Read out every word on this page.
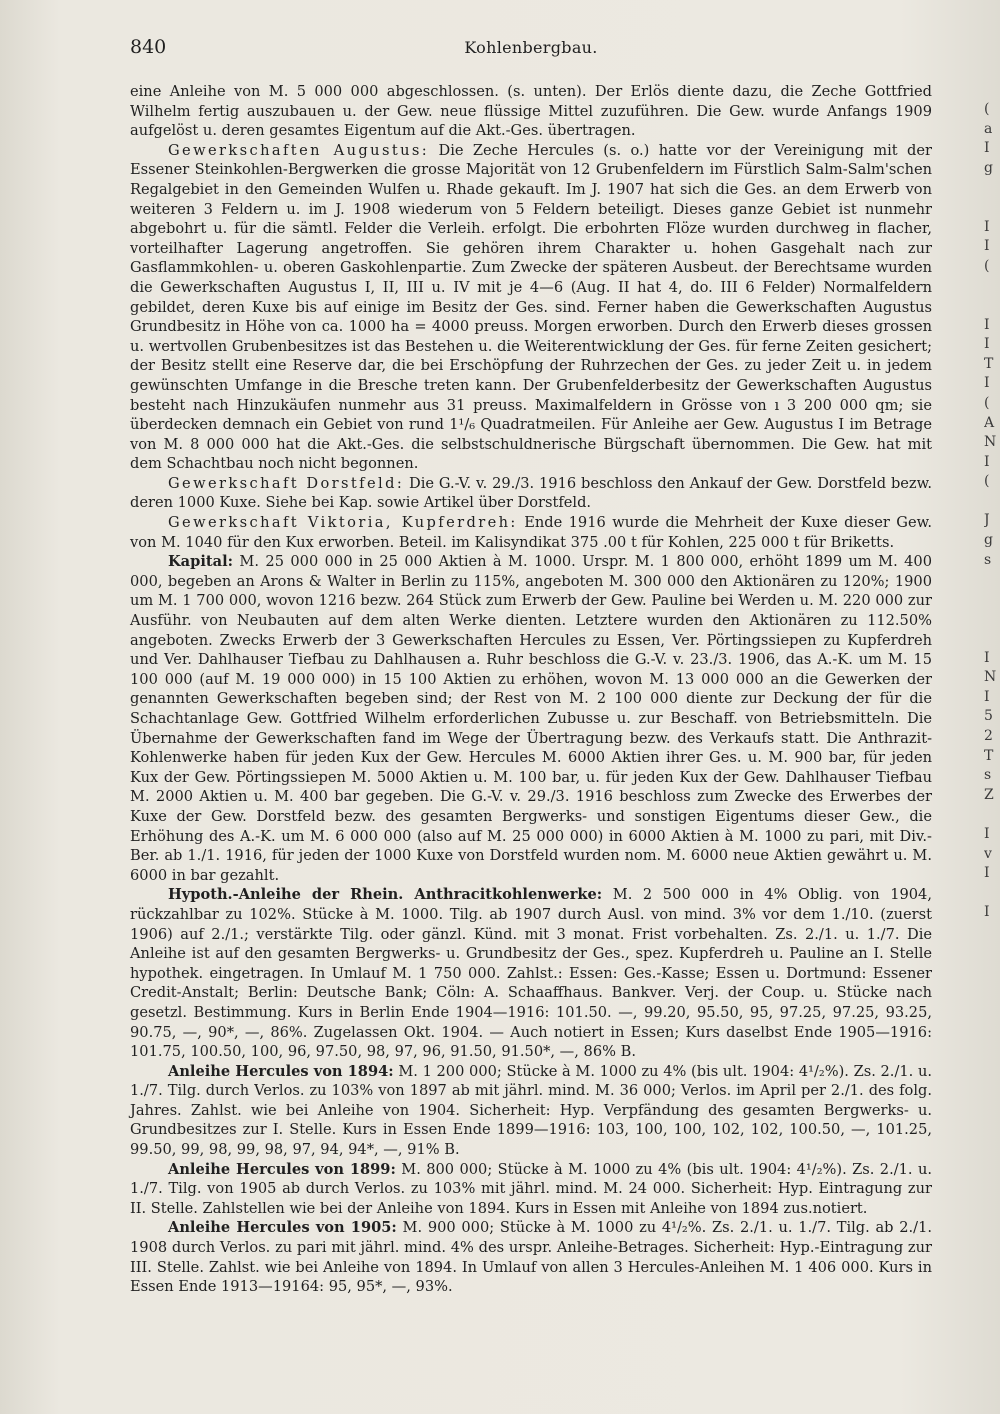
840	Kohlenbergbau.

eine Anleihe von M. 5 000 000 abgeschlossen. (s. unten). Der Erlös diente dazu, die Zeche Gottfried Wilhelm fertig auszubauen u. der Gew. neue flüssige Mittel zuzuführen. Die Gew. wurde Anfangs 1909 aufgelöst u. deren gesamtes Eigentum auf die Akt.-Ges. übertragen.

Gewerkschaften Augustus: Die Zeche Hercules (s. o.) hatte vor der Vereinigung mit der Essener Steinkohlen-Bergwerken die grosse Majorität von 12 Grubenfeldern im Fürstlich Salm-Salm'schen Regalgebiet in den Gemeinden Wulfen u. Rhade gekauft. Im J. 1907 hat sich die Ges. an dem Erwerb von weiteren 3 Feldern u. im J. 1908 wiederum von 5 Feldern beteiligt. Dieses ganze Gebiet ist nunmehr abgebohrt u. für die sämtl. Felder die Verleih. erfolgt. Die erbohrten Flöze wurden durchweg in flacher, vorteilhafter Lagerung angetroffen. Sie gehören ihrem Charakter u. hohen Gasgehalt nach zur Gasflammkohlen- u. oberen Gaskohlenpartie. Zum Zwecke der späteren Ausbeut. der Berechtsame wurden die Gewerkschaften Augustus I, II, III u. IV mit je 4—6 (Aug. II hat 4, do. III 6 Felder) Normalfeldern gebildet, deren Kuxe bis auf einige im Besitz der Ges. sind. Ferner haben die Gewerkschaften Augustus Grundbesitz in Höhe von ca. 1000 ha = 4000 preuss. Morgen erworben. Durch den Erwerb dieses grossen u. wertvollen Grubenbesitzes ist das Bestehen u. die Weiterentwicklung der Ges. für ferne Zeiten gesichert; der Besitz stellt eine Reserve dar, die bei Erschöpfung der Ruhrzechen der Ges. zu jeder Zeit u. in jedem gewünschten Umfange in die Bresche treten kann. Der Grubenfelderbesitz der Gewerkschaften Augustus besteht nach Hinzukäufen nunmehr aus 31 preuss. Maximalfeldern in Grösse von ı 3 200 000 qm; sie überdecken demnach ein Gebiet von rund 1¹/₆ Quadratmeilen. Für Anleihe aer Gew. Augustus I im Betrage von M. 8 000 000 hat die Akt.-Ges. die selbstschuldnerische Bürgschaft übernommen. Die Gew. hat mit dem Schachtbau noch nicht begonnen.

Gewerkschaft Dorstfeld: Die G.-V. v. 29./3. 1916 beschloss den Ankauf der Gew. Dorstfeld bezw. deren 1000 Kuxe. Siehe bei Kap. sowie Artikel über Dorstfeld.

Gewerkschaft Viktoria, Kupferdreh: Ende 1916 wurde die Mehrheit der Kuxe dieser Gew. von M. 1040 für den Kux erworben. Beteil. im Kalisyndikat 375 .00 t für Kohlen, 225 000 t für Briketts.

Kapital: M. 25 000 000 in 25 000 Aktien à M. 1000. Urspr. M. 1 800 000, erhöht 1899 um M. 400 000, begeben an Arons & Walter in Berlin zu 115%, angeboten M. 300 000 den Aktionären zu 120%; 1900 um M. 1 700 000, wovon 1216 bezw. 264 Stück zum Erwerb der Gew. Pauline bei Werden u. M. 220 000 zur Ausführ. von Neubauten auf dem alten Werke dienten. Letztere wurden den Aktionären zu 112.50% angeboten. Zwecks Erwerb der 3 Gewerkschaften Hercules zu Essen, Ver. Pörtingssiepen zu Kupferdreh und Ver. Dahlhauser Tiefbau zu Dahlhausen a. Ruhr beschloss die G.-V. v. 23./3. 1906, das A.-K. um M. 15 100 000 (auf M. 19 000 000) in 15 100 Aktien zu erhöhen, wovon M. 13 000 000 an die Gewerken der genannten Gewerkschaften begeben sind; der Rest von M. 2 100 000 diente zur Deckung der für die Schachtanlage Gew. Gottfried Wilhelm erforderlichen Zubusse u. zur Beschaff. von Betriebsmitteln. Die Übernahme der Gewerkschaften fand im Wege der Übertragung bezw. des Verkaufs statt. Die Anthrazit-Kohlenwerke haben für jeden Kux der Gew. Hercules M. 6000 Aktien ihrer Ges. u. M. 900 bar, für jeden Kux der Gew. Pörtingssiepen M. 5000 Aktien u. M. 100 bar, u. für jeden Kux der Gew. Dahlhauser Tiefbau M. 2000 Aktien u. M. 400 bar gegeben. Die G.-V. v. 29./3. 1916 beschloss zum Zwecke des Erwerbes der Kuxe der Gew. Dorstfeld bezw. des gesamten Bergwerks- und sonstigen Eigentums dieser Gew., die Erhöhung des A.-K. um M. 6 000 000 (also auf M. 25 000 000) in 6000 Aktien à M. 1000 zu pari, mit Div.-Ber. ab 1./1. 1916, für jeden der 1000 Kuxe von Dorstfeld wurden nom. M. 6000 neue Aktien gewährt u. M. 6000 in bar gezahlt.

Hypoth.-Anleihe der Rhein. Anthracitkohlenwerke: M. 2 500 000 in 4% Oblig. von 1904, rückzahlbar zu 102%. Stücke à M. 1000. Tilg. ab 1907 durch Ausl. von mind. 3% vor dem 1./10. (zuerst 1906) auf 2./1.; verstärkte Tilg. oder gänzl. Künd. mit 3 monat. Frist vorbehalten. Zs. 2./1. u. 1./7. Die Anleihe ist auf den gesamten Bergwerks- u. Grundbesitz der Ges., spez. Kupferdreh u. Pauline an I. Stelle hypothek. eingetragen. In Umlauf M. 1 750 000. Zahlst.: Essen: Ges.-Kasse; Essen u. Dortmund: Essener Credit-Anstalt; Berlin: Deutsche Bank; Cöln: A. Schaaffhaus. Bankver. Verj. der Coup. u. Stücke nach gesetzl. Bestimmung. Kurs in Berlin Ende 1904—1916: 101.50. —, 99.20, 95.50, 95, 97.25, 97.25, 93.25, 90.75, —, 90*, —, 86%. Zugelassen Okt. 1904. — Auch notiert in Essen; Kurs daselbst Ende 1905—1916: 101.75, 100.50, 100, 96, 97.50, 98, 97, 96, 91.50, 91.50*, —, 86% B.

Anleihe Hercules von 1894: M. 1 200 000; Stücke à M. 1000 zu 4% (bis ult. 1904: 4¹/₂%). Zs. 2./1. u. 1./7. Tilg. durch Verlos. zu 103% von 1897 ab mit jährl. mind. M. 36 000; Verlos. im April per 2./1. des folg. Jahres. Zahlst. wie bei Anleihe von 1904. Sicherheit: Hyp. Verpfändung des gesamten Bergwerks- u. Grundbesitzes zur I. Stelle. Kurs in Essen Ende 1899—1916: 103, 100, 100, 102, 102, 100.50, —, 101.25, 99.50, 99, 98, 99, 98, 97, 94, 94*, —, 91% B.

Anleihe Hercules von 1899: M. 800 000; Stücke à M. 1000 zu 4% (bis ult. 1904: 4¹/₂%). Zs. 2./1. u. 1./7. Tilg. von 1905 ab durch Verlos. zu 103% mit jährl. mind. M. 24 000. Sicherheit: Hyp. Eintragung zur II. Stelle. Zahlstellen wie bei der Anleihe von 1894. Kurs in Essen mit Anleihe von 1894 zus.notiert.

Anleihe Hercules von 1905: M. 900 000; Stücke à M. 1000 zu 4¹/₂%. Zs. 2./1. u. 1./7. Tilg. ab 2./1. 1908 durch Verlos. zu pari mit jährl. mind. 4% des urspr. Anleihe-Betrages. Sicherheit: Hyp.-Eintragung zur III. Stelle. Zahlst. wie bei Anleihe von 1894. In Umlauf von allen 3 Hercules-Anleihen M. 1 406 000. Kurs in Essen Ende 1913—19164: 95, 95*, —, 93%.

(
a
I
g

I
I
(

I
I
T
I
(
A
N
I
(

J
g
s

I
N
I
5
2
T
s
Z

I
v
I

I
